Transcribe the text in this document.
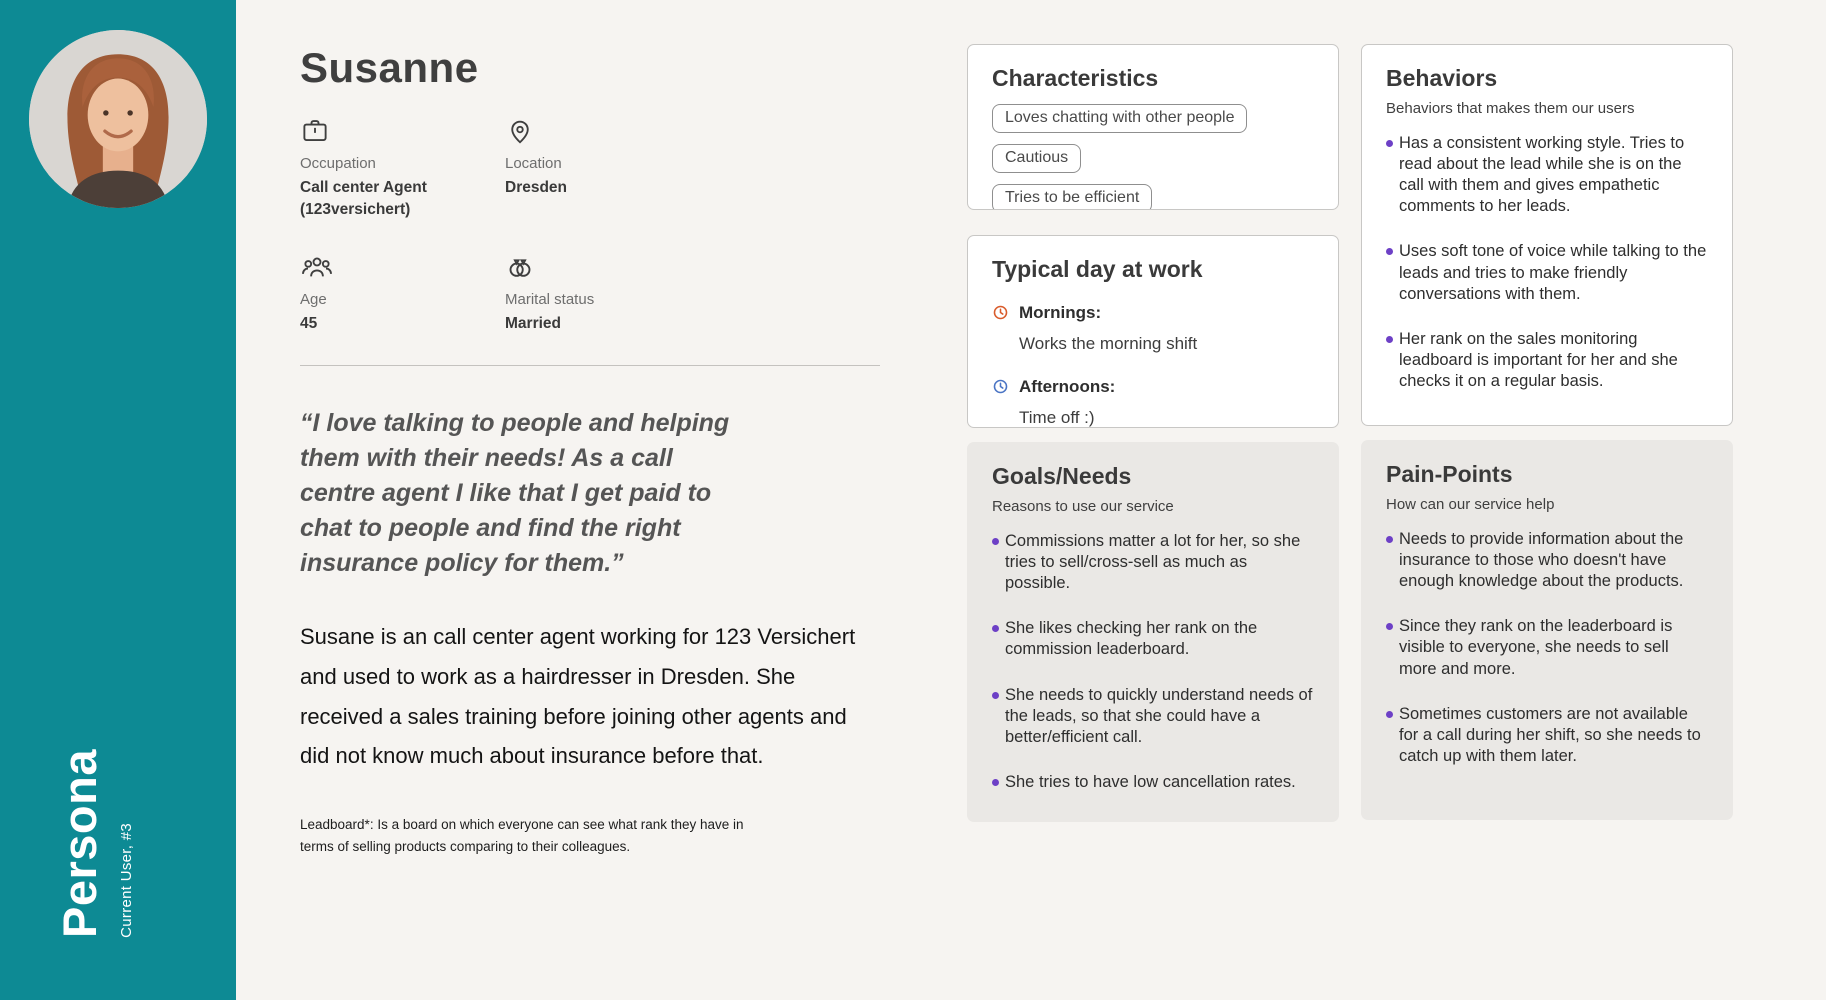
Persona Current User, #3
Susanne
Occupation
Call center Agent (123versichert)
Location
Dresden
Age
45
Marital status
Married
“I love talking to people and helping them with their needs! As a call centre agent I like that I get paid to chat to people and find the right insurance policy for them.”

Susane is an call center agent working for 123 Versichert and used to work as a hairdresser in Dresden. She received a sales training before joining other agents and did not know much about insurance before that.

Leadboard*: Is a board on which everyone can see what rank they have in terms of selling products comparing to their colleagues.

Characteristics
Loves chatting with other people
Cautious
Tries to be efficient
Typical day at work
Mornings:
Works the morning shift
Afternoons:
Time off :)
Goals/Needs
Reasons to use our service
Commissions matter a lot for her, so she tries to sell/cross-sell as much as possible.
She likes checking her rank on the commission leaderboard.
She needs to quickly understand needs of the leads, so that she could have a better/efficient call.
She tries to have low cancellation rates.
Behaviors
Behaviors that makes them our users
Has a consistent working style. Tries to read about the lead while she is on the call with them and gives empathetic comments to her leads.
Uses soft tone of voice while talking to the leads and tries to make friendly conversations with them.
Her rank on the sales monitoring leadboard is important for her and she checks it on a regular basis.
Pain-Points
How can our service help
Needs to provide information about the insurance to those who doesn't have enough knowledge about the products.
Since they rank on the leaderboard is visible to everyone, she needs to sell more and more.
Sometimes customers are not available for a call during her shift, so she needs to catch up with them later.
